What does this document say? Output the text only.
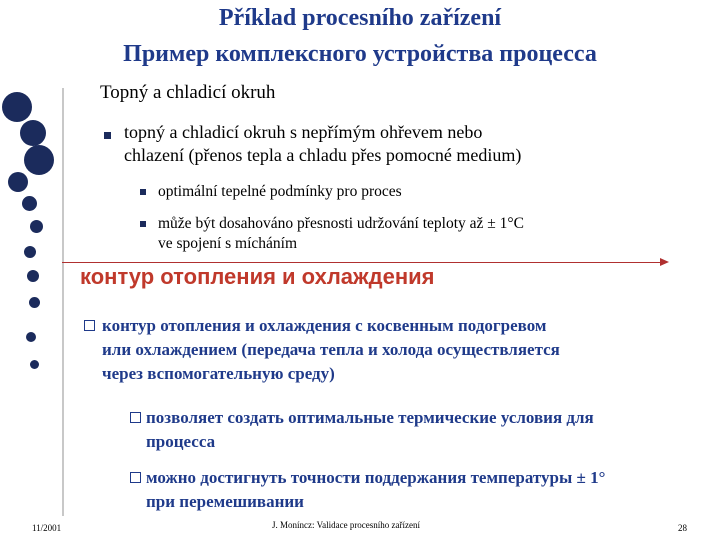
Příklad procesního zařízení
Пример комплексного устройства процесса
Topný a chladicí okruh
topný a chladicí okruh s nepřímým ohřevem nebo
chlazení (přenos tepla a chladu přes pomocné medium)
optimální tepelné podmínky pro proces
může být dosahováno přesnosti udržování teploty až ± 1°C
ve spojení s mícháním
контур отопления и охлаждения
контур отопления и охлаждения с косвенным подогревом
или охлаждением (передача тепла и холода осуществляется
через вспомогательную среду)
позволяет создать оптимальные термические условия для
процесса
можно достигнуть точности поддержания температуры ± 1°
при перемешивании
11/2001	J. Moníncz: Validace procesního zařízení	28
